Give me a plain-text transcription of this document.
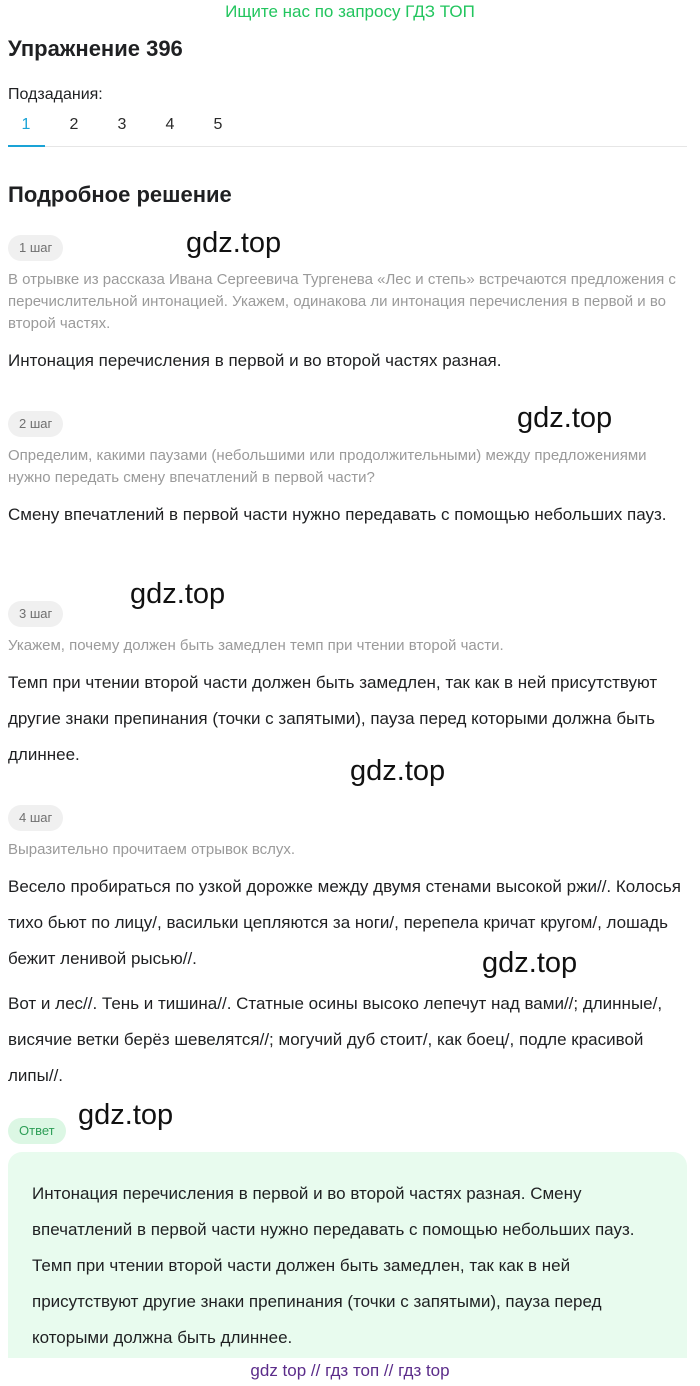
Ищите нас по запросу ГДЗ ТОП
Упражнение 396
Подзадания:
1	2	3	4	5
Подробное решение
1 шаг	gdz.top

В отрывке из рассказа Ивана Сергеевича Тургенева «Лес и степь» встречаются предложения с перечислительной интонацией. Укажем, одинакова ли интонация перечисления в первой и во второй частях.

Интонация перечисления в первой и во второй частях разная.

2 шаг	gdz.top

Определим, какими паузами (небольшими или продолжительными) между предложениями нужно передать смену впечатлений в первой части?

Смену впечатлений в первой части нужно передавать с помощью небольших пауз.

3 шаг
gdz.top

Укажем, почему должен быть замедлен темп при чтении второй части.

Темп при чтении второй части должен быть замедлен, так как в ней присутствуют другие знаки препинания (точки с запятыми), пауза перед которыми должна быть длиннее.

gdz.top
4 шаг

Выразительно прочитаем отрывок вслух.

Весело пробираться по узкой дорожке между двумя стенами высокой ржи//. Колосья тихо бьют по лицу/, васильки цепляются за ноги/, перепела кричат кругом/, лошадь бежит ленивой рысью//.	gdz.top

Вот и лес//. Тень и тишина//. Статные осины высоко лепечут над вами//; длинные/, висячие ветки берёз шевелятся//; могучий дуб стоит/, как боец/, подле красивой липы//.

gdz.top
Ответ

Интонация перечисления в первой и во второй частях разная. Смену впечатлений в первой части нужно передавать с помощью небольших пауз. Темп при чтении второй части должен быть замедлен, так как в ней присутствуют другие знаки препинания (точки с запятыми), пауза перед которыми должна быть длиннее.

gdz top // гдз топ // гдз top
